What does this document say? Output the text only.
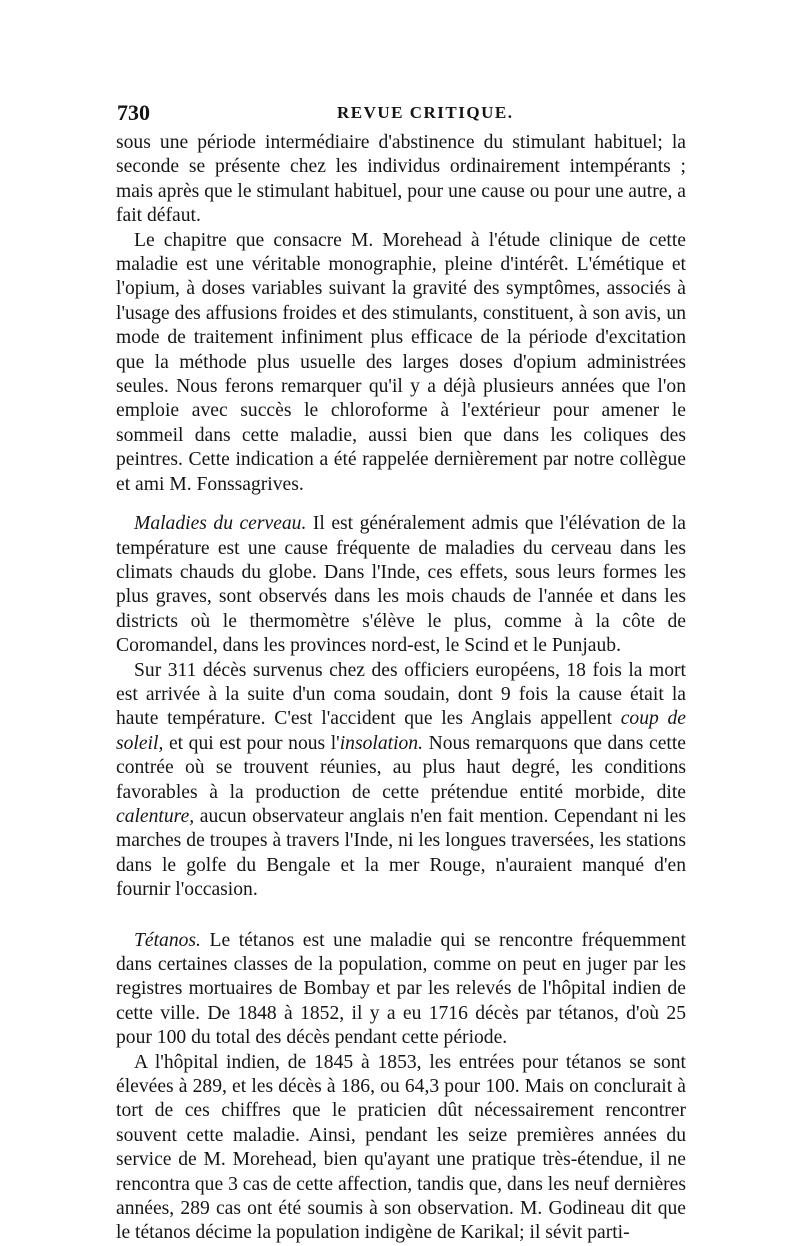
730	REVUE CRITIQUE.

sous une période intermédiaire d'abstinence du stimulant habituel; la seconde se présente chez les individus ordinairement intempérants ; mais après que le stimulant habituel, pour une cause ou pour une autre, a fait défaut.

Le chapitre que consacre M. Morehead à l'étude clinique de cette maladie est une véritable monographie, pleine d'intérêt. L'émétique et l'opium, à doses variables suivant la gravité des symptômes, associés à l'usage des affusions froides et des stimulants, constituent, à son avis, un mode de traitement infiniment plus efficace de la période d'excitation que la méthode plus usuelle des larges doses d'opium administrées seules. Nous ferons remarquer qu'il y a déjà plusieurs années que l'on emploie avec succès le chloroforme à l'extérieur pour amener le sommeil dans cette maladie, aussi bien que dans les coliques des peintres. Cette indication a été rappelée dernièrement par notre collègue et ami M. Fonssagrives.

Maladies du cerveau. Il est généralement admis que l'élévation de la température est une cause fréquente de maladies du cerveau dans les climats chauds du globe. Dans l'Inde, ces effets, sous leurs formes les plus graves, sont observés dans les mois chauds de l'année et dans les districts où le thermomètre s'élève le plus, comme à la côte de Coromandel, dans les provinces nord-est, le Scind et le Punjaub.

Sur 311 décès survenus chez des officiers européens, 18 fois la mort est arrivée à la suite d'un coma soudain, dont 9 fois la cause était la haute température. C'est l'accident que les Anglais appellent coup de soleil, et qui est pour nous l'insolation. Nous remarquons que dans cette contrée où se trouvent réunies, au plus haut degré, les conditions favorables à la production de cette prétendue entité morbide, dite calenture, aucun observateur anglais n'en fait mention. Cependant ni les marches de troupes à travers l'Inde, ni les longues traversées, les stations dans le golfe du Bengale et la mer Rouge, n'auraient manqué d'en fournir l'occasion.

Tétanos. Le tétanos est une maladie qui se rencontre fréquemment dans certaines classes de la population, comme on peut en juger par les registres mortuaires de Bombay et par les relevés de l'hôpital indien de cette ville. De 1848 à 1852, il y a eu 1716 décès par tétanos, d'où 25 pour 100 du total des décès pendant cette période.

A l'hôpital indien, de 1845 à 1853, les entrées pour tétanos se sont élevées à 289, et les décès à 186, ou 64,3 pour 100. Mais on conclurait à tort de ces chiffres que le praticien dût nécessairement rencontrer souvent cette maladie. Ainsi, pendant les seize premières années du service de M. Morehead, bien qu'ayant une pratique très-étendue, il ne rencontra que 3 cas de cette affection, tandis que, dans les neuf dernières années, 289 cas ont été soumis à son observation. M. Godineau dit que le tétanos décime la population indigène de Karikal; il sévit parti-
